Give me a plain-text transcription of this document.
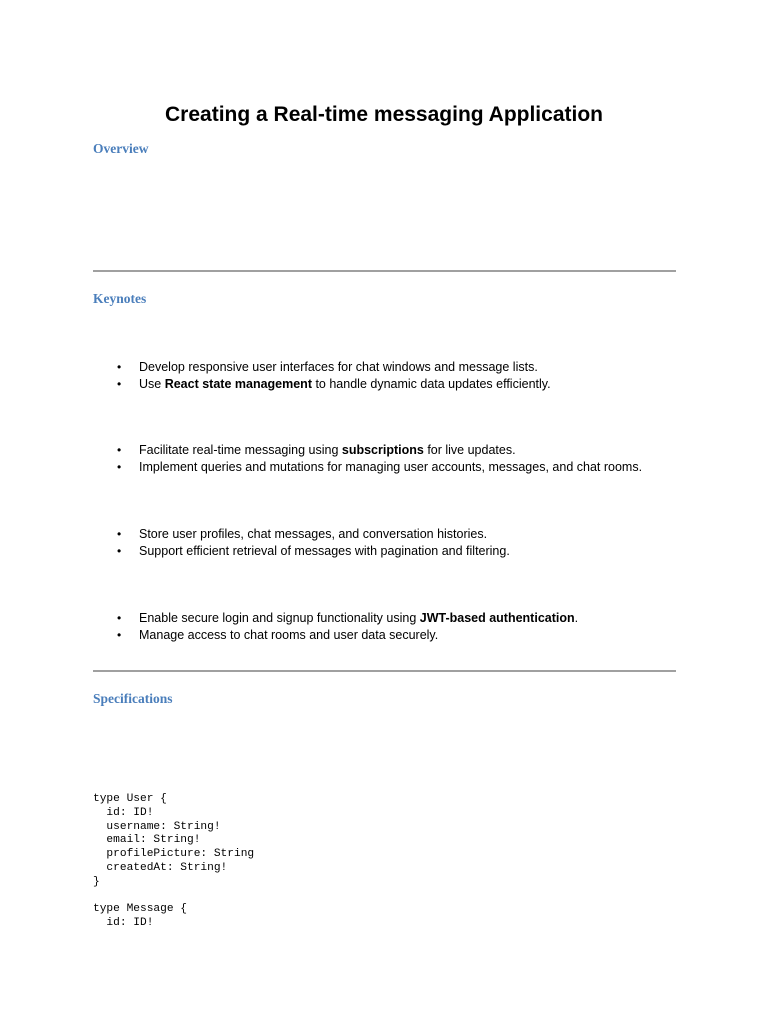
Creating a Real-time messaging Application
Overview
Keynotes
• Develop responsive user interfaces for chat windows and message lists.
• Use React state management to handle dynamic data updates efficiently.
• Facilitate real-time messaging using subscriptions for live updates.
• Implement queries and mutations for managing user accounts, messages, and chat rooms.
• Store user profiles, chat messages, and conversation histories.
• Support efficient retrieval of messages with pagination and filtering.
• Enable secure login and signup functionality using JWT-based authentication.
• Manage access to chat rooms and user data securely.
Specifications
type User {
id: ID!
username: String!
email: String!
profilePicture: String
createdAt: String!
}

type Message {
id: ID!
